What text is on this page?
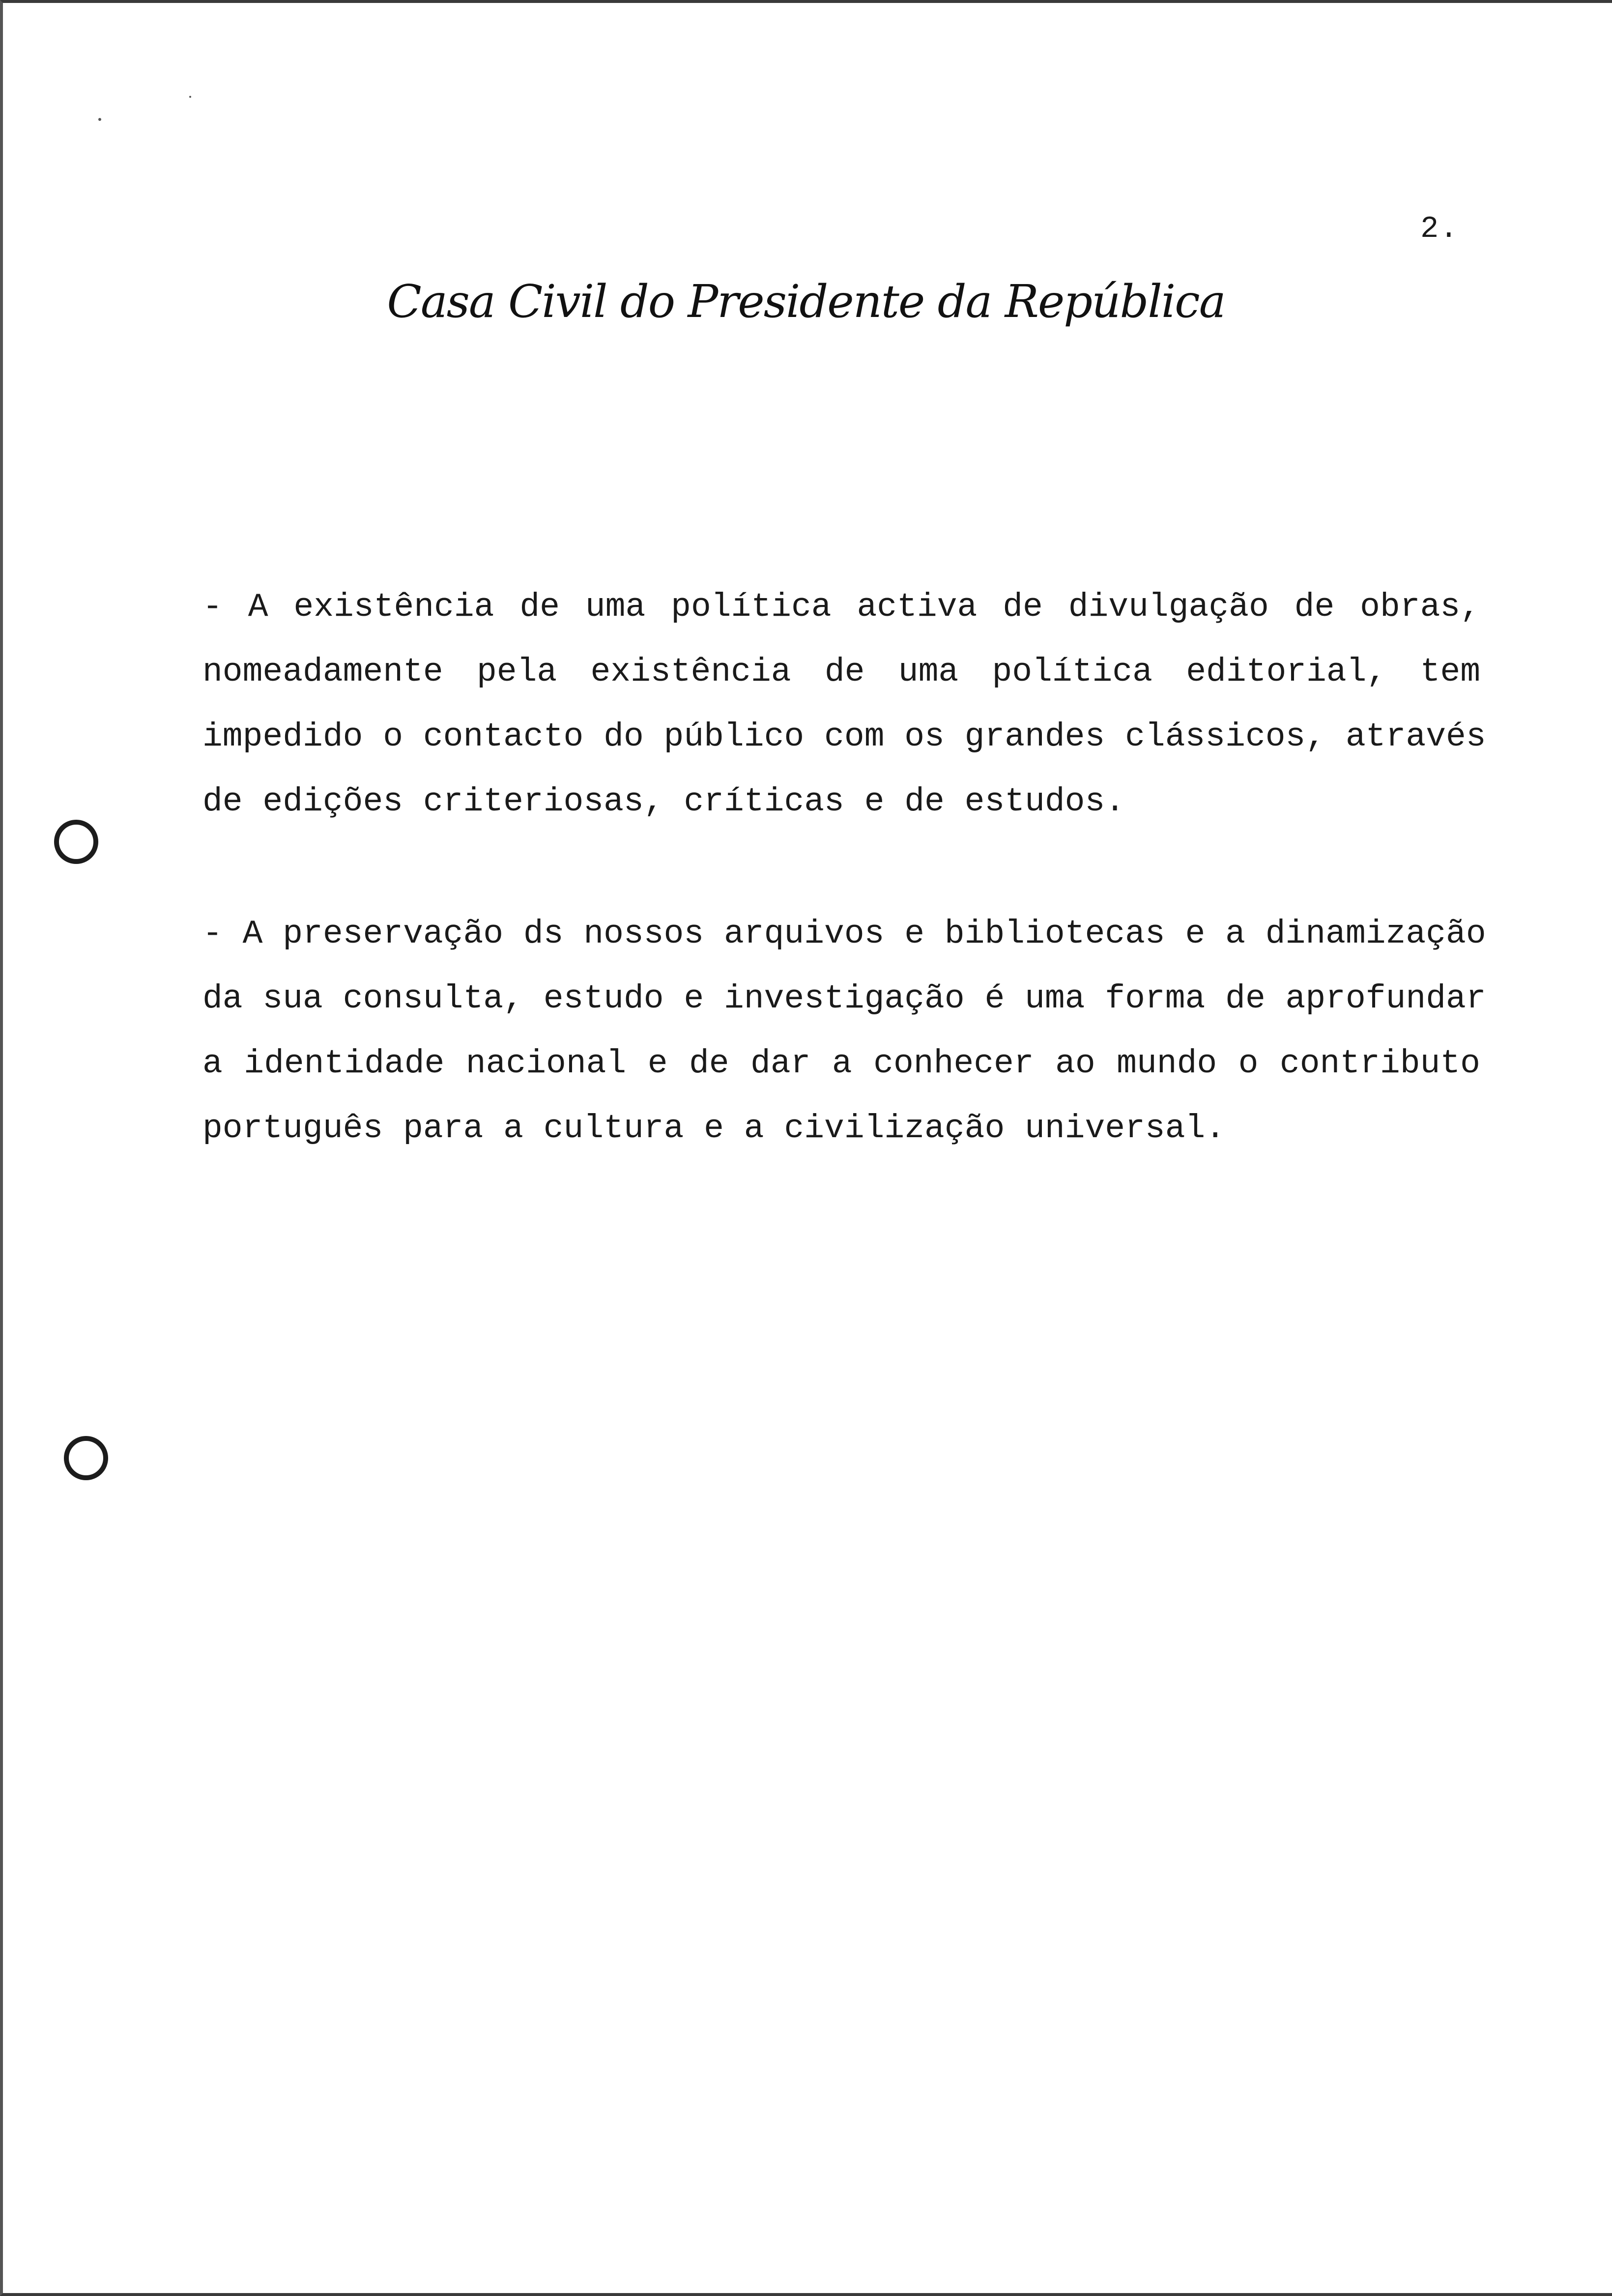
2.
Casa Civil do Presidente da República
- A existência de uma política activa de divulgação de obras,
nomeadamente pela existência de uma política editorial, tem
impedido o contacto do público com os grandes clássicos, através
de edições criteriosas, críticas e de estudos.
- A preservação ds nossos arquivos e bibliotecas e a dinamização
da sua consulta, estudo e investigação é uma forma de aprofundar
a identidade nacional e de dar a conhecer ao mundo o contributo
português para a cultura e a civilização universal.
